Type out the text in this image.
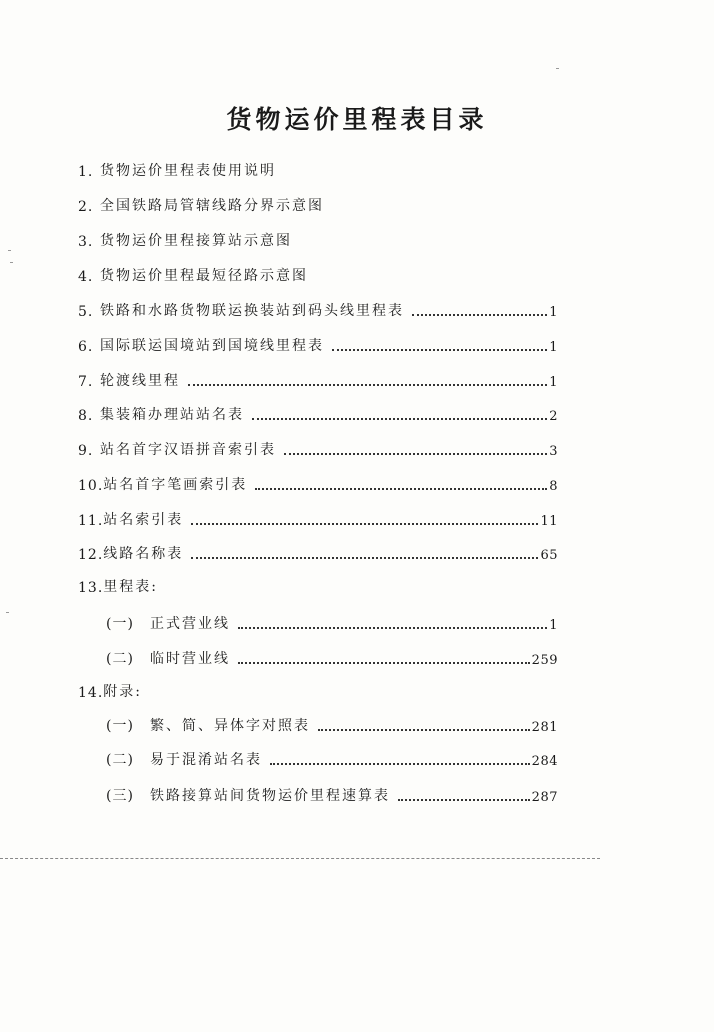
货物运价里程表目录
1. 货物运价里程表使用说明
2. 全国铁路局管辖线路分界示意图
3. 货物运价里程接算站示意图
4. 货物运价里程最短径路示意图
5. 铁路和水路货物联运换装站到码头线里程表	1
6. 国际联运国境站到国境线里程表	1
7. 轮渡线里程	1
8. 集装箱办理站站名表	2
9. 站名首字汉语拼音索引表	3
10. 站名首字笔画索引表	8
11. 站名索引表	11
12. 线路名称表	65
13. 里程表:
(一)	正式营业线	1
(二)	临时营业线	259
14. 附录:
(一)	繁、简、异体字对照表	281
(二)	易于混淆站名表	284
(三)	铁路接算站间货物运价里程速算表	287
